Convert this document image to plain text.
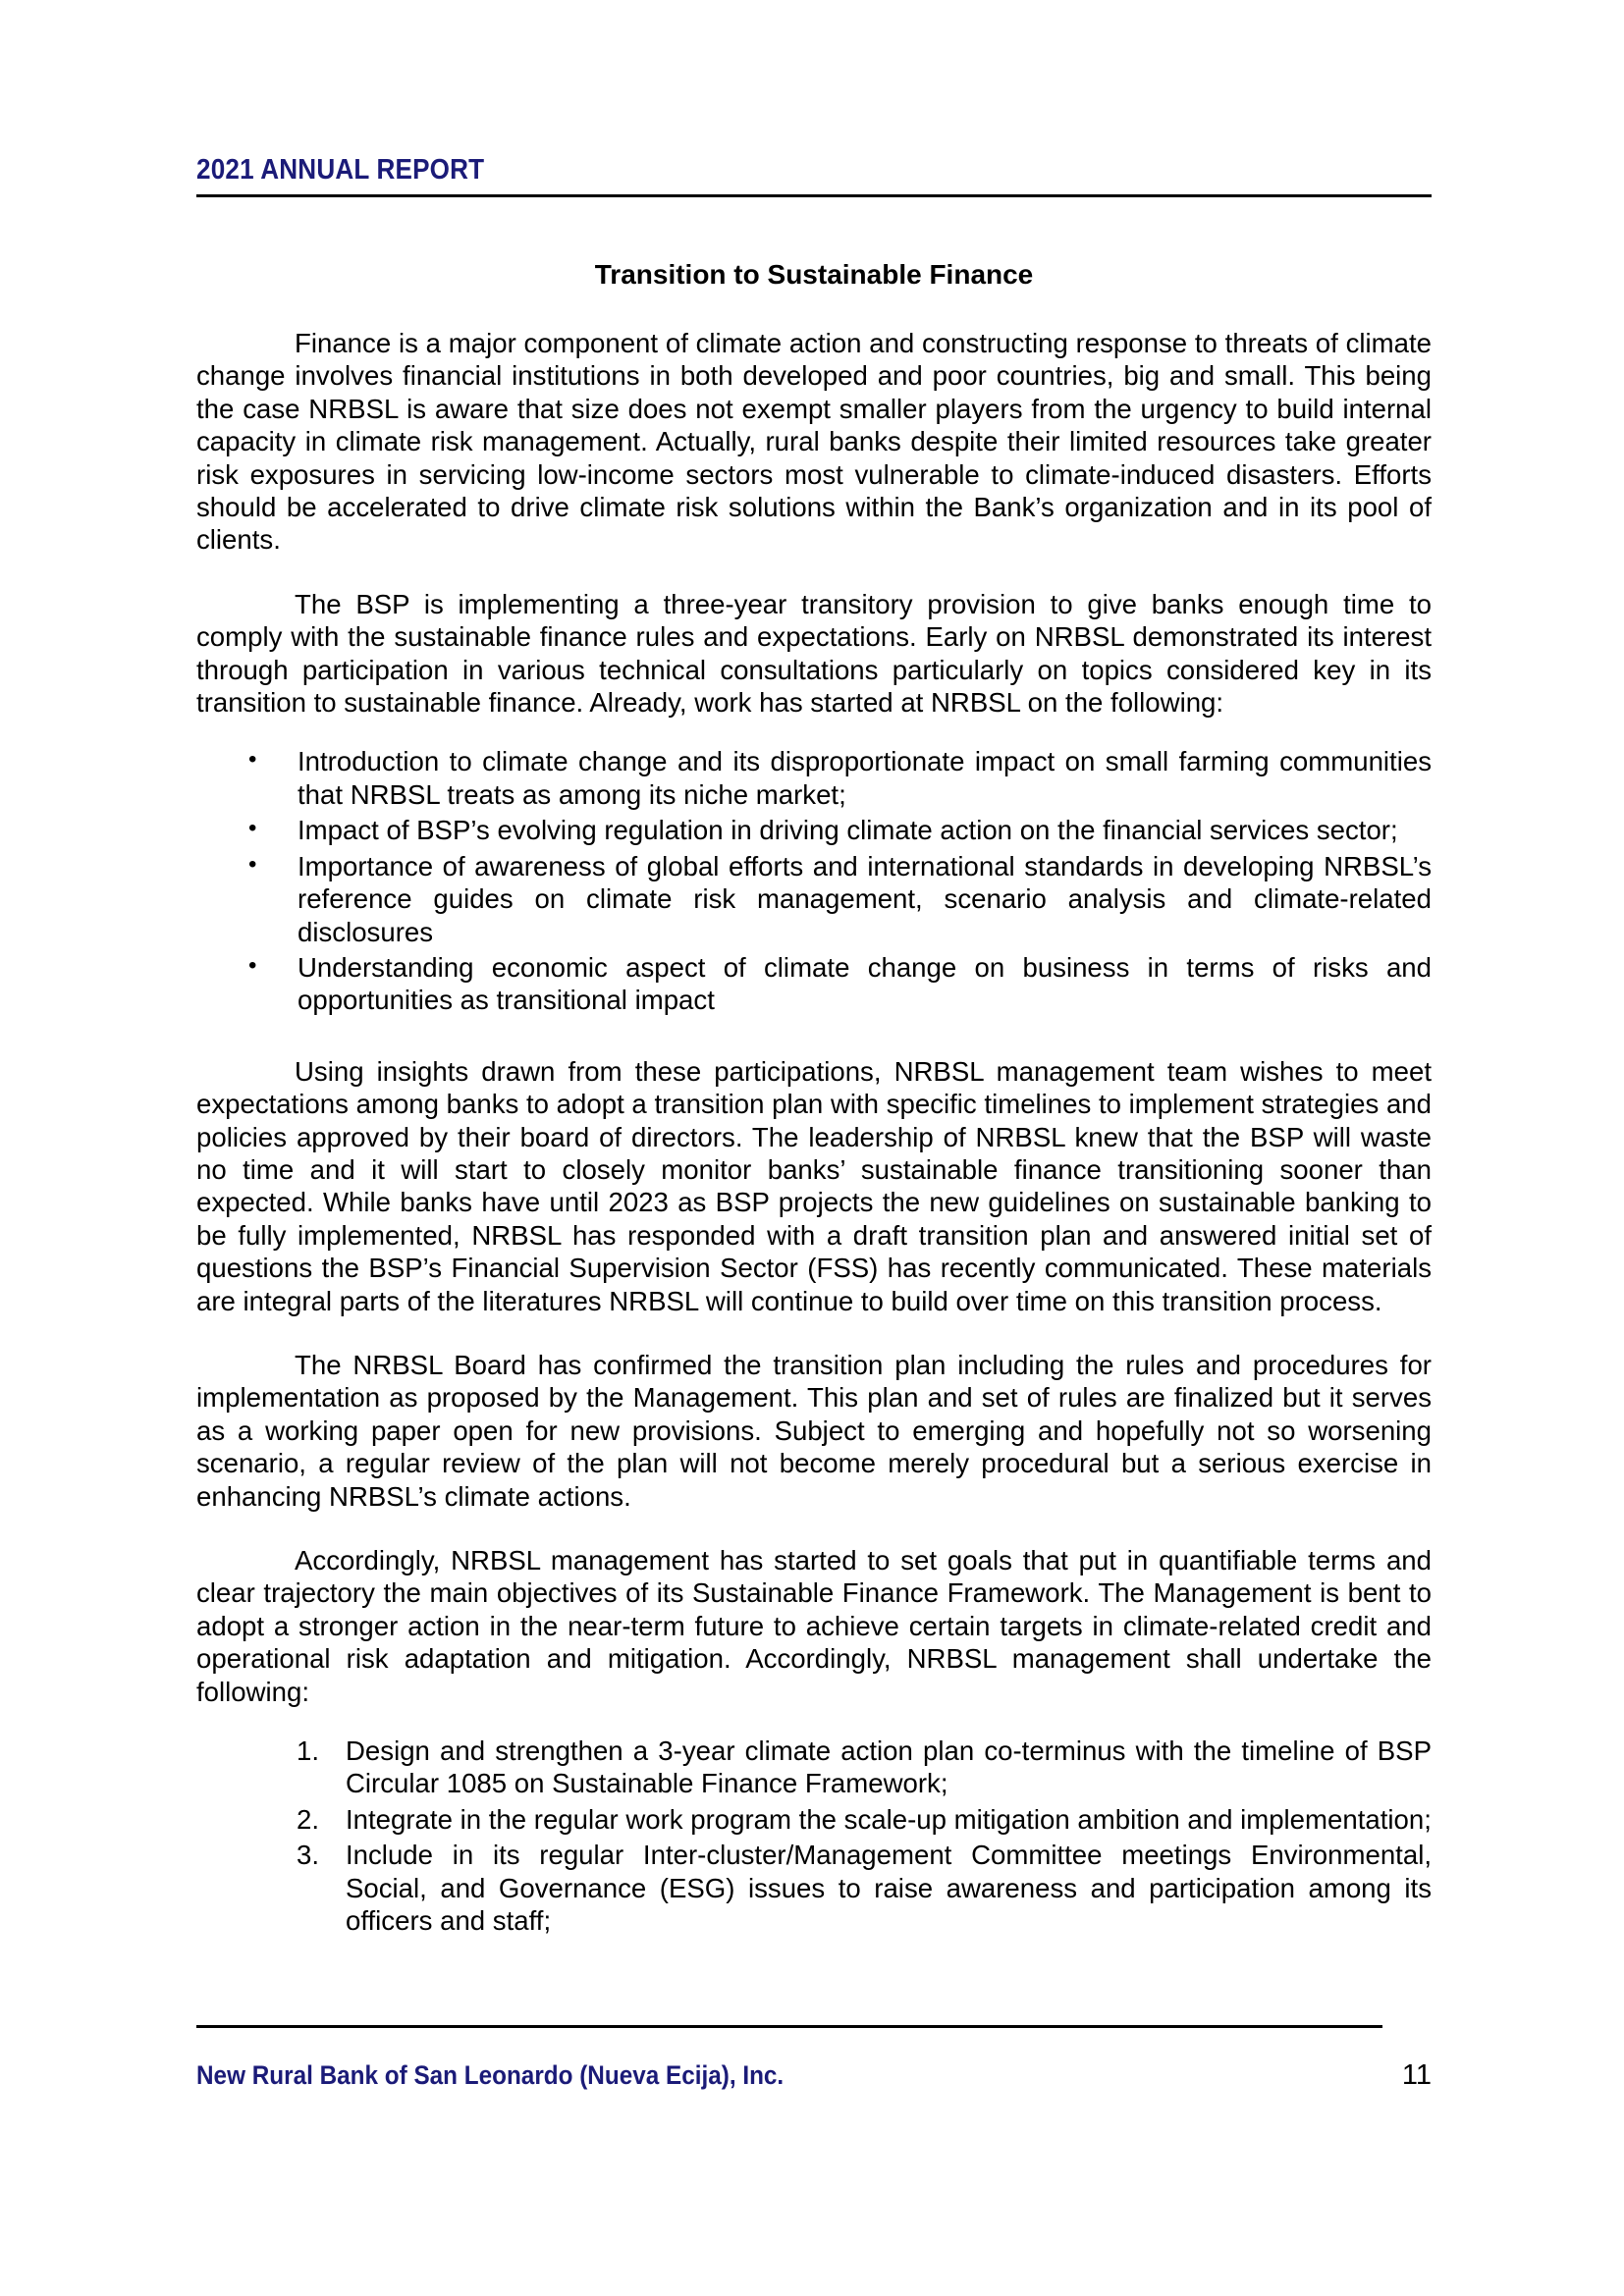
2021 ANNUAL REPORT
Transition to Sustainable Finance

Finance is a major component of climate action and constructing response to threats of climate change involves financial institutions in both developed and poor countries, big and small. This being the case NRBSL is aware that size does not exempt smaller players from the urgency to build internal capacity in climate risk management. Actually, rural banks despite their limited resources take greater risk exposures in servicing low-income sectors most vulnerable to climate-induced disasters. Efforts should be accelerated to drive climate risk solutions within the Bank’s organization and in its pool of clients.

The BSP is implementing a three-year transitory provision to give banks enough time to comply with the sustainable finance rules and expectations. Early on NRBSL demonstrated its interest through participation in various technical consultations particularly on topics considered key in its transition to sustainable finance. Already, work has started at NRBSL on the following:

• Introduction to climate change and its disproportionate impact on small farming communities that NRBSL treats as among its niche market;
• Impact of BSP’s evolving regulation in driving climate action on the financial services sector;
• Importance of awareness of global efforts and international standards in developing NRBSL’s reference guides on climate risk management, scenario analysis and climate-related disclosures
• Understanding economic aspect of climate change on business in terms of risks and opportunities as transitional impact

Using insights drawn from these participations, NRBSL management team wishes to meet expectations among banks to adopt a transition plan with specific timelines to implement strategies and policies approved by their board of directors. The leadership of NRBSL knew that the BSP will waste no time and it will start to closely monitor banks’ sustainable finance transitioning sooner than expected. While banks have until 2023 as BSP projects the new guidelines on sustainable banking to be fully implemented, NRBSL has responded with a draft transition plan and answered initial set of questions the BSP’s Financial Supervision Sector (FSS) has recently communicated. These materials are integral parts of the literatures NRBSL will continue to build over time on this transition process.

The NRBSL Board has confirmed the transition plan including the rules and procedures for implementation as proposed by the Management. This plan and set of rules are finalized but it serves as a working paper open for new provisions. Subject to emerging and hopefully not so worsening scenario, a regular review of the plan will not become merely procedural but a serious exercise in enhancing NRBSL’s climate actions.

Accordingly, NRBSL management has started to set goals that put in quantifiable terms and clear trajectory the main objectives of its Sustainable Finance Framework. The Management is bent to adopt a stronger action in the near-term future to achieve certain targets in climate-related credit and operational risk adaptation and mitigation. Accordingly, NRBSL management shall undertake the following:

1. Design and strengthen a 3-year climate action plan co-terminus with the timeline of BSP Circular 1085 on Sustainable Finance Framework;
2. Integrate in the regular work program the scale-up mitigation ambition and implementation;
3. Include in its regular Inter-cluster/Management Committee meetings Environmental, Social, and Governance (ESG) issues to raise awareness and participation among its officers and staff;
New Rural Bank of San Leonardo (Nueva Ecija), Inc.	11
